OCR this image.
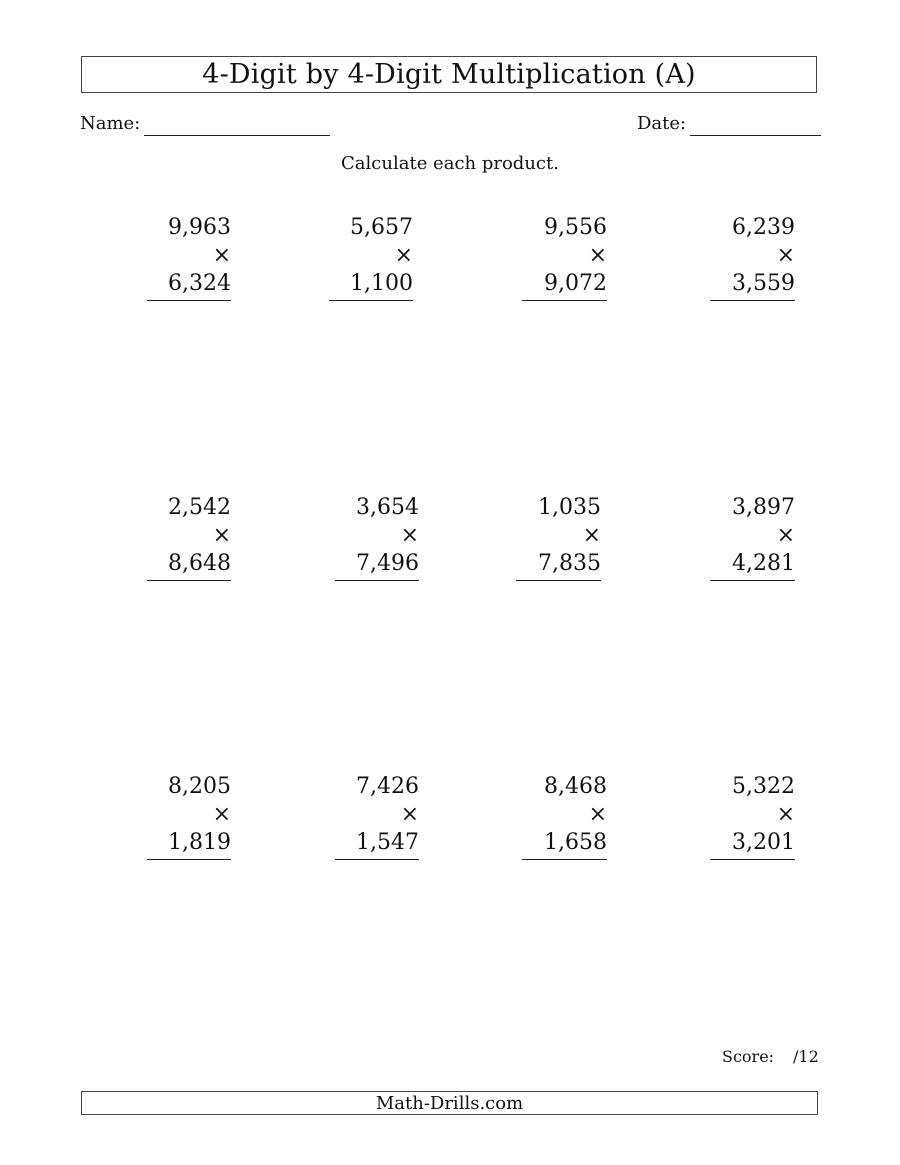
4-Digit by 4-Digit Multiplication (A)
Name:	Date:
Calculate each product.
9,963
× 6,324
5,657
× 1,100
9,556
× 9,072
6,239
× 3,559
2,542
× 8,648
3,654
× 7,496
1,035
× 7,835
3,897
× 4,281
8,205
× 1,819
7,426
× 1,547
8,468
× 1,658
5,322
× 3,201
Score: /12
Math-Drills.com
